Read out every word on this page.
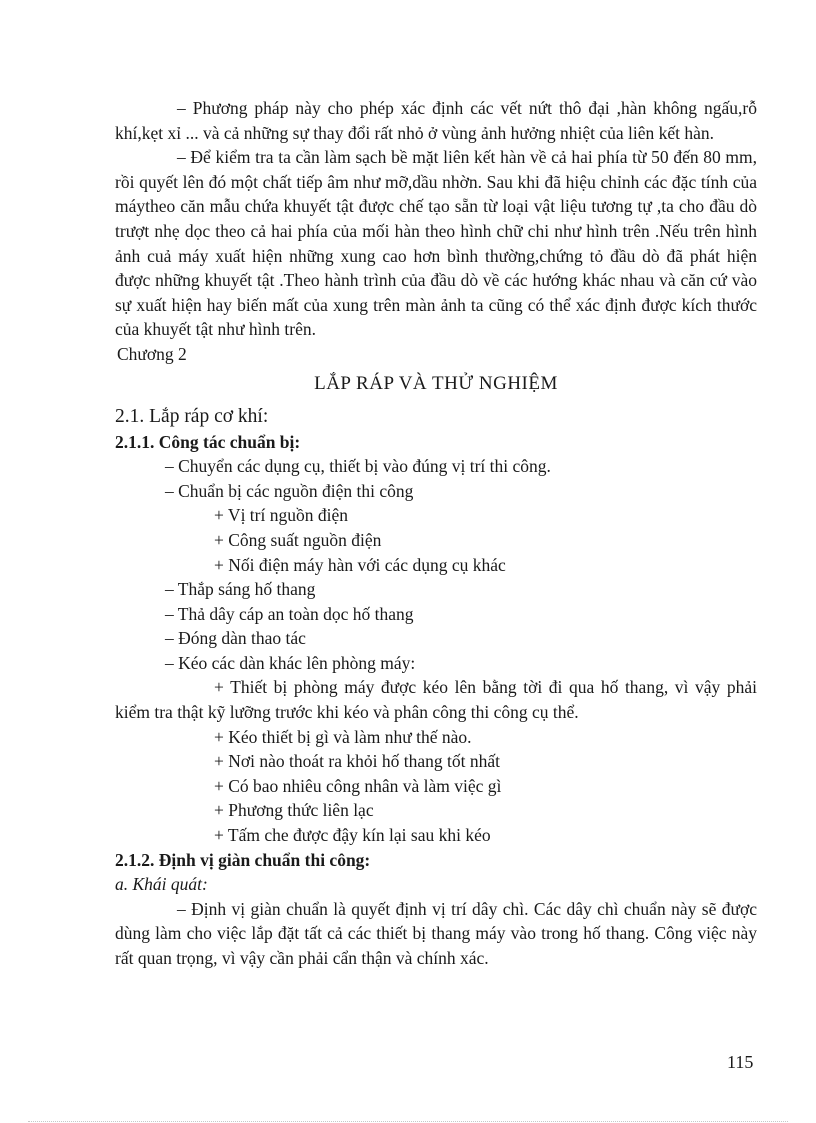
– Phương pháp này cho phép xác định các vết nứt thô đại ,hàn không ngấu,rỗ khí,kẹt xỉ ... và cả những sự thay đổi rất nhỏ ở vùng ảnh hưởng nhiệt của liên kết hàn.

– Để kiểm tra ta cần làm sạch bề mặt liên kết hàn về cả hai phía từ 50 đến 80 mm, rồi quyết lên đó một chất tiếp âm như mỡ,dầu nhờn. Sau khi đã hiệu chỉnh các đặc tính của máytheo căn mẫu chứa khuyết tật được chế tạo sẵn từ loại vật liệu tương tự ,ta cho đầu dò trượt nhẹ dọc theo cả hai phía của mối hàn theo hình chữ chi như hình trên .Nếu trên hình ảnh cuả máy xuất hiện những xung cao hơn bình thường,chứng tỏ đầu dò đã phát hiện được những khuyết tật .Theo hành trình của đầu dò về các hướng khác nhau và căn cứ vào sự xuất hiện hay biến mất của xung trên màn ảnh ta cũng có thể xác định được kích thước của khuyết tật như hình trên.

Chương 2

LẮP RÁP VÀ THỬ NGHIỆM

2.1. Lắp ráp cơ khí:

2.1.1. Công tác chuẩn bị:

– Chuyển các dụng cụ, thiết bị vào đúng vị trí thi công.

– Chuẩn bị các nguồn điện thi công

+ Vị trí nguồn điện

+ Công suất nguồn điện

+ Nối điện máy hàn với các dụng cụ khác

– Thắp sáng hố thang

– Thả dây cáp an toàn dọc hố thang

– Đóng dàn thao tác

– Kéo các dàn khác lên phòng máy:

+ Thiết bị phòng máy được kéo lên bằng tời đi qua hố thang, vì vậy phải kiểm tra thật kỹ lưỡng trước khi kéo và phân công thi công cụ thể.

+ Kéo thiết bị gì và làm như thế nào.

+ Nơi nào thoát ra khỏi hố thang tốt nhất

+ Có bao nhiêu công nhân và làm việc gì

+ Phương thức liên lạc

+ Tấm che được đậy kín lại sau khi kéo

2.1.2. Định vị giàn chuẩn thi công:

a. Khái quát:

– Định vị giàn chuẩn là quyết định vị trí dây chì. Các dây chì chuẩn này sẽ được dùng làm cho việc lắp đặt tất cả các thiết bị thang máy vào trong hố thang. Công việc này rất quan trọng, vì vậy cần phải cẩn thận và chính xác.

115
